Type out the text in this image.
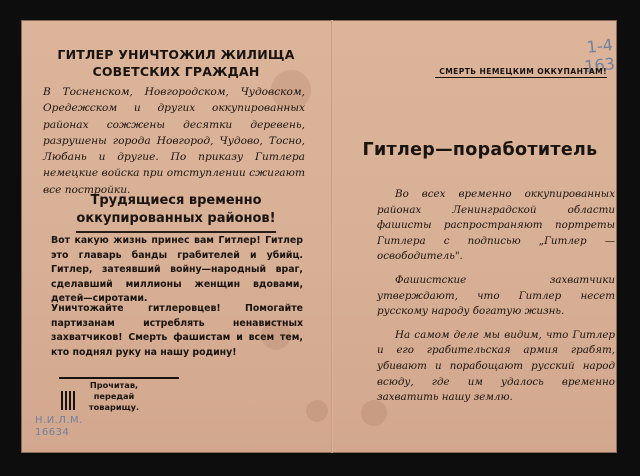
ГИТЛЕР УНИЧТОЖИЛ ЖИЛИЩА СОВЕТСКИХ ГРАЖДАН
В Тосненском, Новгородском, Чудовском, Оредежском и других оккупированных районах сожжены десятки деревень, разрушены города Новгород, Чудово, Тосно, Любань и другие. По приказу Гитлера немецкие войска при отступлении сжигают все постройки.
Трудящиеся временно оккупированных районов!
Вот какую жизнь принес вам Гитлер! Гитлер это главарь банды грабителей и убийц. Гитлер, затеявший войну—народный враг, сделавший миллионы женщин вдовами, детей—сиротами.
Уничтожайте гитлеровцев! Помогайте партизанам истреблять ненавистных захватчиков! Смерть фашистам и всем тем, кто поднял руку на нашу родину!
Прочитав, передай товарищу.
Н.И.Л.М. 16634
1-4 163
СМЕРТЬ НЕМЕЦКИМ ОККУПАНТАМ!
Гитлер—поработитель

Во всех временно оккупированных районах Ленинградской области фашисты распространяют портреты Гитлера с подписью „Гитлер — освободитель".

Фашистские захватчики утверждают, что Гитлер несет русскому народу богатую жизнь.

На самом деле мы видим, что Гитлер и его грабительская армия грабят, убивают и порабощают русский народ всюду, где им удалось временно захватить нашу землю.
